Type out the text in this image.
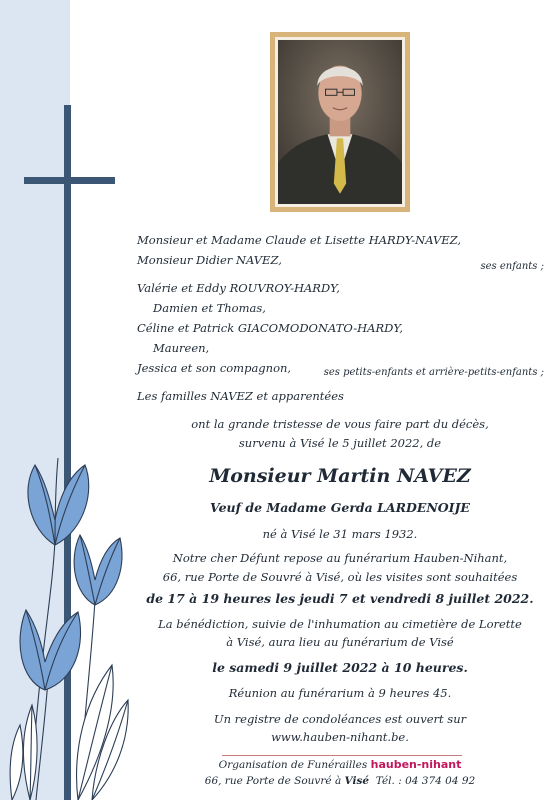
Monsieur et Madame Claude et Lisette HARDY-NAVEZ,
Monsieur Didier NAVEZ,	ses enfants ;
Valérie et Eddy ROUVROY-HARDY,
Damien et Thomas,
Céline et Patrick GIACOMODONATO-HARDY,
Maureen,
Jessica et son compagnon,	ses petits-enfants et arrière-petits-enfants ;
Les familles NAVEZ et apparentées
ont la grande tristesse de vous faire part du décès,
survenu à Visé le 5 juillet 2022, de
Monsieur Martin NAVEZ
Veuf de Madame Gerda LARDENOIJE
né à Visé le 31 mars 1932.
Notre cher Défunt repose au funérarium Hauben-Nihant,
66, rue Porte de Souvré à Visé, où les visites sont souhaitées
de 17 à 19 heures les jeudi 7 et vendredi 8 juillet 2022.
La bénédiction, suivie de l'inhumation au cimetière de Lorette
à Visé, aura lieu au funérarium de Visé
le samedi 9 juillet 2022 à 10 heures.
Réunion au funérarium à 9 heures 45.
Un registre de condoléances est ouvert sur
www.hauben-nihant.be.
Organisation de Funérailles hauben-nihant
66, rue Porte de Souvré à Visé Tél. : 04 374 04 92
